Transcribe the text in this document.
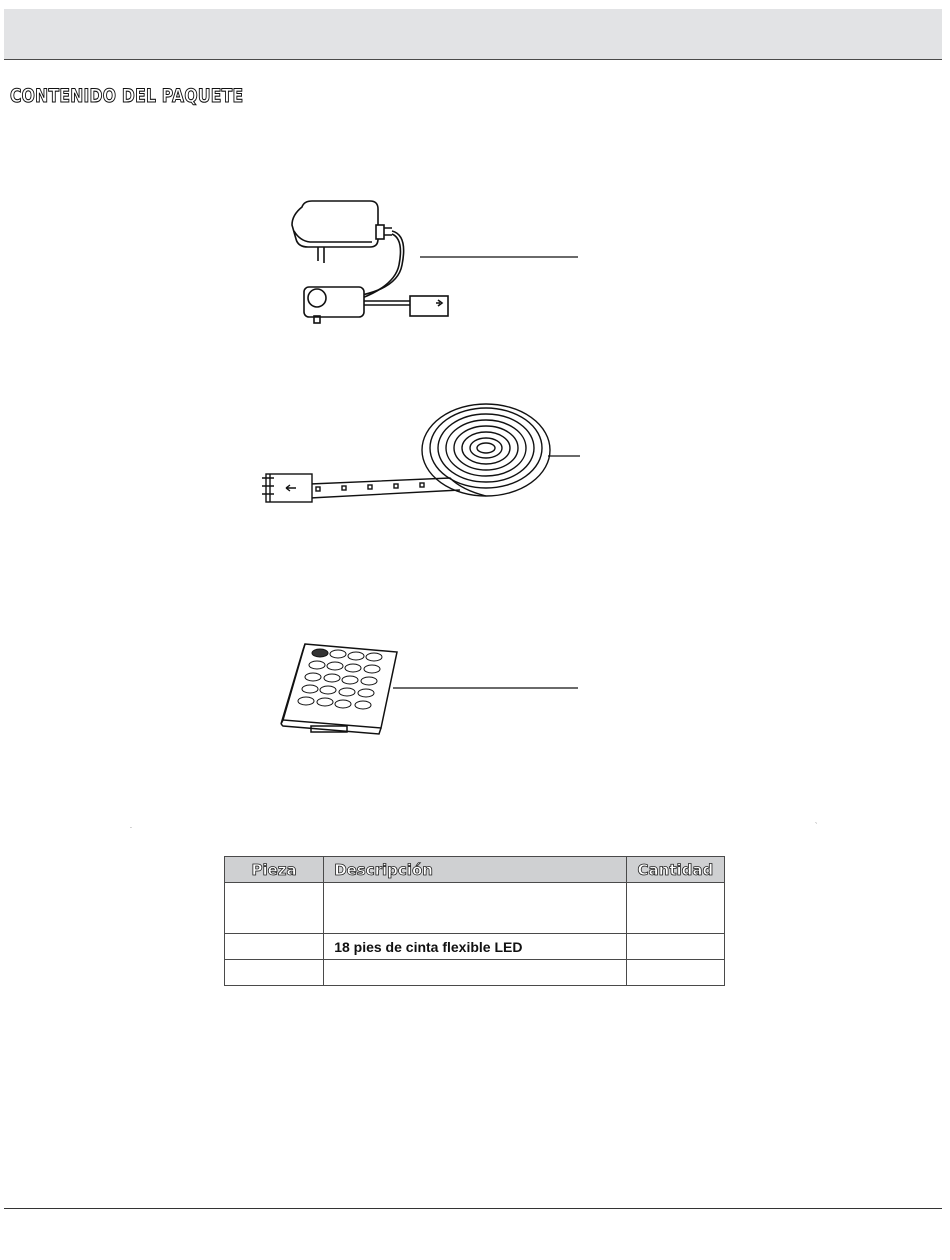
CONTENIDO DEL PAQUETE
.	`
Pieza	Descripción	Cantidad

	18 pies de cinta flexible LED	
